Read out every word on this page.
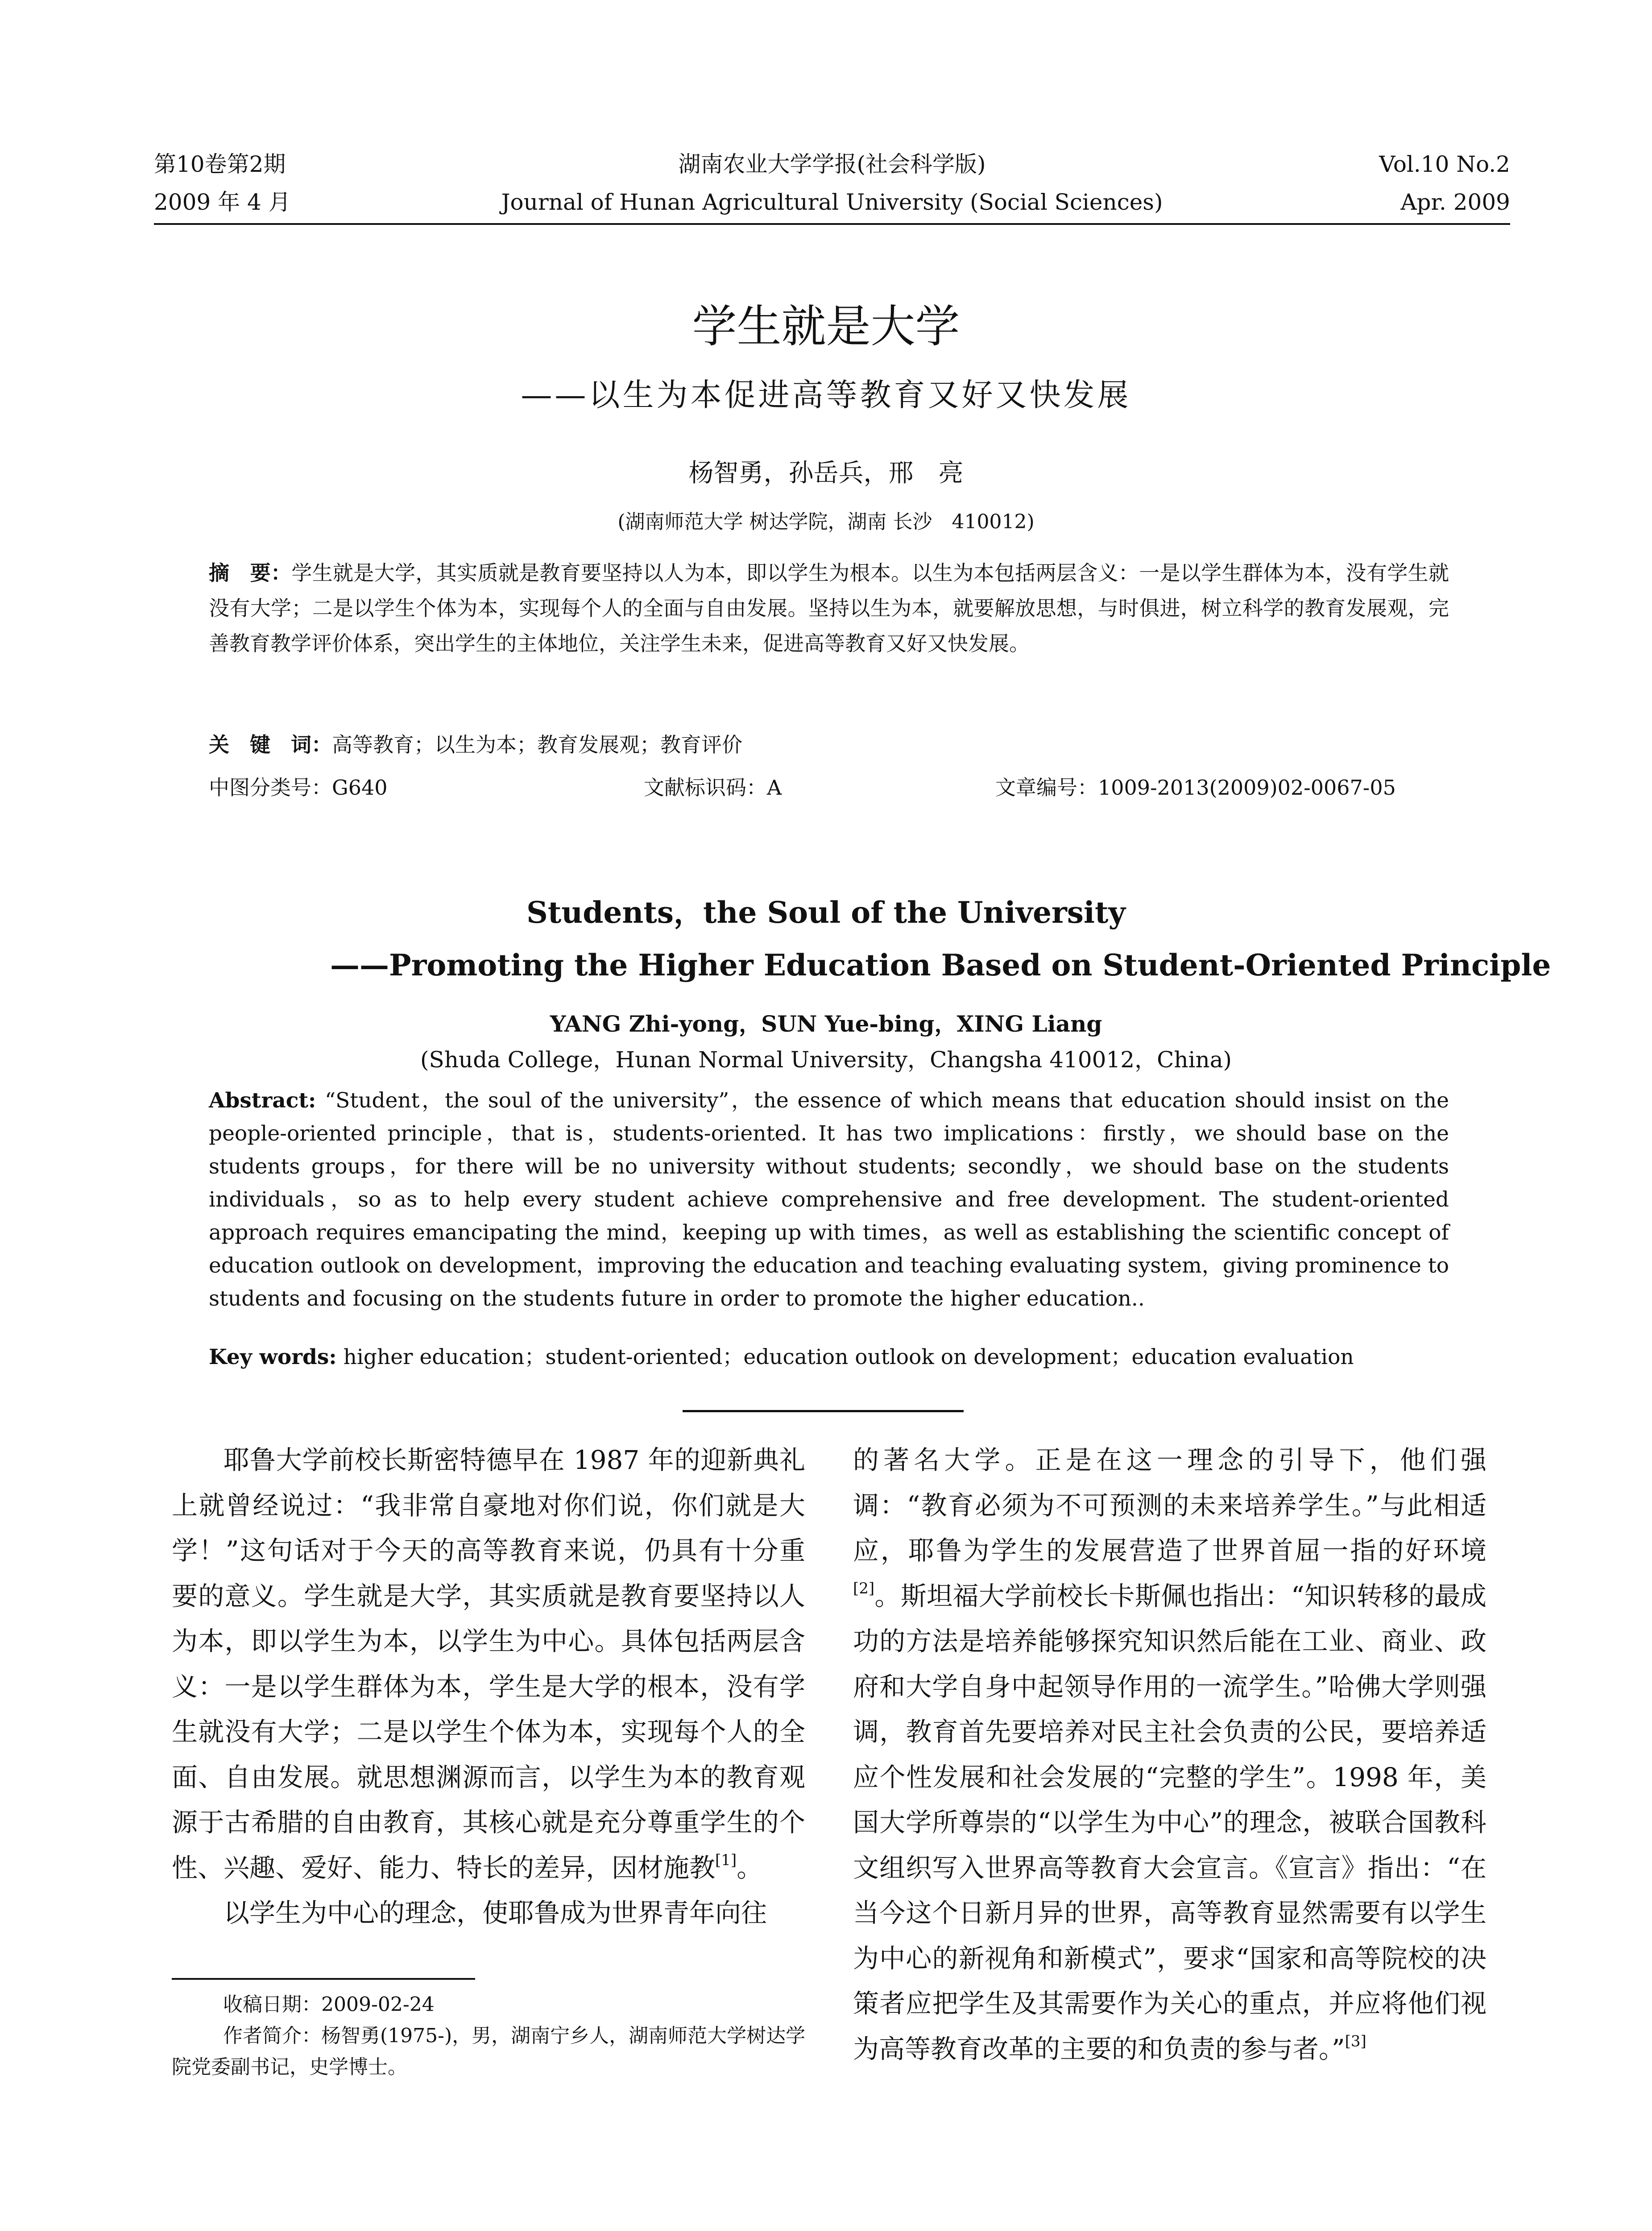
第10卷第2期	湖南农业大学学报(社会科学版)	Vol.10 No.2
2009 年 4 月	Journal of Hunan Agricultural University (Social Sciences)	Apr. 2009
学生就是大学
——以生为本促进高等教育又好又快发展
杨智勇，孙岳兵，邢　亮
(湖南师范大学 树达学院，湖南 长沙　410012)
摘　要：学生就是大学，其实质就是教育要坚持以人为本，即以学生为根本。以生为本包括两层含义：一是以学生群体为本，没有学生就没有大学；二是以学生个体为本，实现每个人的全面与自由发展。坚持以生为本，就要解放思想，与时俱进，树立科学的教育发展观，完善教育教学评价体系，突出学生的主体地位，关注学生未来，促进高等教育又好又快发展。
关　键　词：高等教育；以生为本；教育发展观；教育评价
中图分类号：G640	文献标识码：A	文章编号：1009-2013(2009)02-0067-05
Students，the Soul of the University
——Promoting the Higher Education Based on Student-Oriented Principle
YANG Zhi-yong，SUN Yue-bing，XING Liang
(Shuda College，Hunan Normal University，Changsha 410012，China)
Abstract: “Student，the soul of the university”，the essence of which means that education should insist on the people-oriented principle，that is，students-oriented. It has two implications：firstly，we should base on the students groups，for there will be no university without students; secondly，we should base on the students individuals，so as to help every student achieve comprehensive and free development. The student-oriented approach requires emancipating the mind，keeping up with times，as well as establishing the scientific concept of education outlook on development，improving the education and teaching evaluating system，giving prominence to students and focusing on the students future in order to promote the higher education..
Key words: higher education；student-oriented；education outlook on development；education evaluation

耶鲁大学前校长斯密特德早在 1987 年的迎新典礼上就曾经说过：“我非常自豪地对你们说，你们就是大学！”这句话对于今天的高等教育来说，仍具有十分重要的意义。学生就是大学，其实质就是教育要坚持以人为本，即以学生为本，以学生为中心。具体包括两层含义：一是以学生群体为本，学生是大学的根本，没有学生就没有大学；二是以学生个体为本，实现每个人的全面、自由发展。就思想渊源而言，以学生为本的教育观源于古希腊的自由教育，其核心就是充分尊重学生的个性、兴趣、爱好、能力、特长的差异，因材施教[1]。

以学生为中心的理念，使耶鲁成为世界青年向往

的著名大学。正是在这一理念的引导下，他们强调：“教育必须为不可预测的未来培养学生。”与此相适应，耶鲁为学生的发展营造了世界首屈一指的好环境[2]。斯坦福大学前校长卡斯佩也指出：“知识转移的最成功的方法是培养能够探究知识然后能在工业、商业、政府和大学自身中起领导作用的一流学生。”哈佛大学则强调，教育首先要培养对民主社会负责的公民，要培养适应个性发展和社会发展的“完整的学生”。1998 年，美国大学所尊崇的“以学生为中心”的理念，被联合国教科文组织写入世界高等教育大会宣言。《宣言》指出：“在当今这个日新月异的世界，高等教育显然需要有以学生为中心的新视角和新模式”，要求“国家和高等院校的决策者应把学生及其需要作为关心的重点，并应将他们视为高等教育改革的主要的和负责的参与者。”[3]

收稿日期：2009-02-24

作者简介：杨智勇(1975-)，男，湖南宁乡人，湖南师范大学树达学院党委副书记，史学博士。
